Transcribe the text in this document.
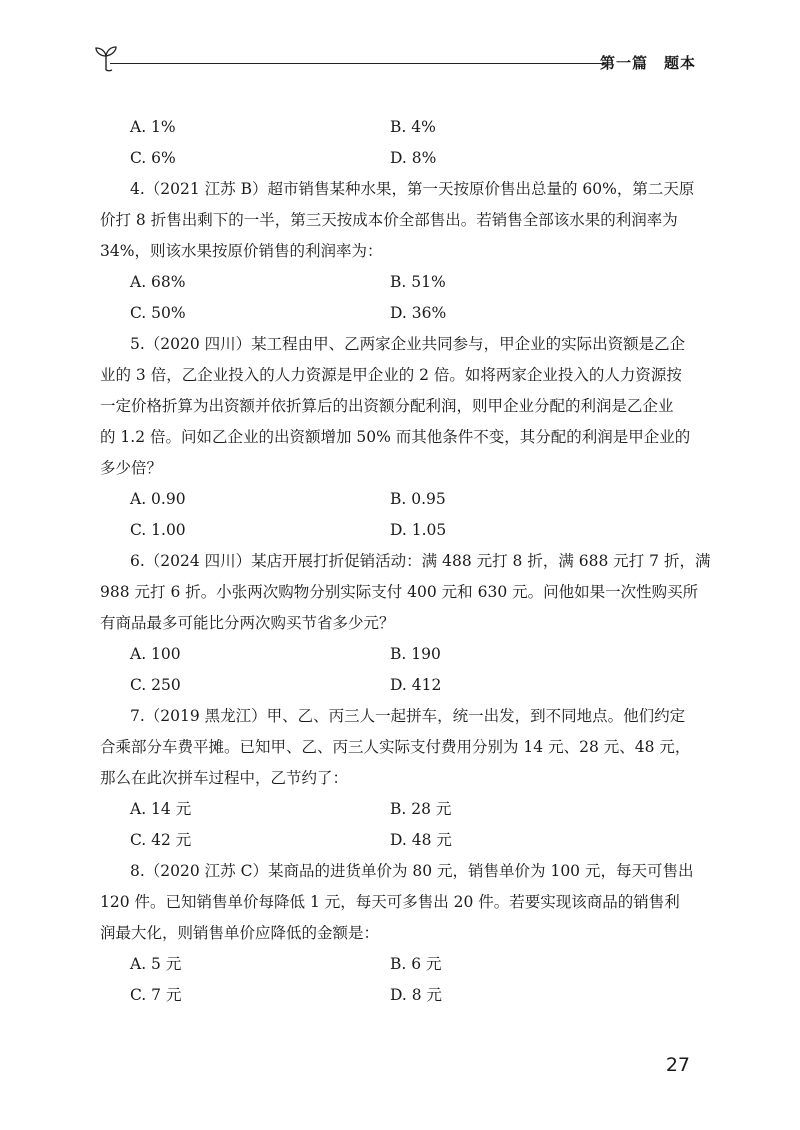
第一篇　题本
A. 1%	B. 4%
C. 6%	D. 8%
4.（2021 江苏 B）超市销售某种水果，第一天按原价售出总量的 60%，第二天原
价打 8 折售出剩下的一半，第三天按成本价全部售出。若销售全部该水果的利润率为
34%，则该水果按原价销售的利润率为：
A. 68%	B. 51%
C. 50%	D. 36%
5.（2020 四川）某工程由甲、乙两家企业共同参与，甲企业的实际出资额是乙企
业的 3 倍，乙企业投入的人力资源是甲企业的 2 倍。如将两家企业投入的人力资源按
一定价格折算为出资额并依折算后的出资额分配利润，则甲企业分配的利润是乙企业
的 1.2 倍。问如乙企业的出资额增加 50% 而其他条件不变，其分配的利润是甲企业的
多少倍？
A. 0.90	B. 0.95
C. 1.00	D. 1.05
6.（2024 四川）某店开展打折促销活动：满 488 元打 8 折，满 688 元打 7 折，满
988 元打 6 折。小张两次购物分别实际支付 400 元和 630 元。问他如果一次性购买所
有商品最多可能比分两次购买节省多少元？
A. 100	B. 190
C. 250	D. 412
7.（2019 黑龙江）甲、乙、丙三人一起拼车，统一出发，到不同地点。他们约定
合乘部分车费平摊。已知甲、乙、丙三人实际支付费用分别为 14 元、28 元、48 元，
那么在此次拼车过程中，乙节约了：
A. 14 元	B. 28 元
C. 42 元	D. 48 元
8.（2020 江苏 C）某商品的进货单价为 80 元，销售单价为 100 元，每天可售出
120 件。已知销售单价每降低 1 元，每天可多售出 20 件。若要实现该商品的销售利
润最大化，则销售单价应降低的金额是：
A. 5 元	B. 6 元
C. 7 元	D. 8 元
27
